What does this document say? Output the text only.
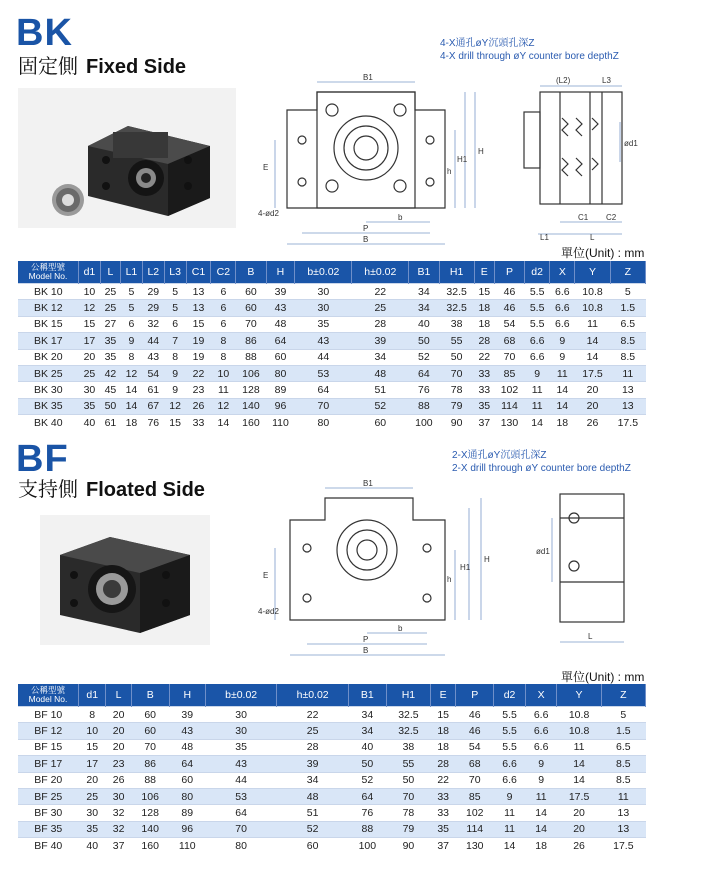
BK
固定側 Fixed Side
4-X通孔øY沉頭孔深Z
4-X drill through øY counter bore depthZ
B1
E	h
H1
H
4-ød2	b
P
B
(L2)	L3
ød1
C1 C2
L1	L
單位(Unit) : mm
公稱型號
Model No.	d1	L	L1	L2	L3	C1	C2	B	H	b±0.02	h±0.02	B1	H1	E	P	d2	X	Y	Z
BK 10	10	25	5	29	5	13	6	60	39	30	22	34	32.5	15	46	5.5	6.6	10.8	5
BK 12	12	25	5	29	5	13	6	60	43	30	25	34	32.5	18	46	5.5	6.6	10.8	1.5
BK 15	15	27	6	32	6	15	6	70	48	35	28	40	38	18	54	5.5	6.6	11	6.5
BK 17	17	35	9	44	7	19	8	86	64	43	39	50	55	28	68	6.6	9	14	8.5
BK 20	20	35	8	43	8	19	8	88	60	44	34	52	50	22	70	6.6	9	14	8.5
BK 25	25	42	12	54	9	22	10	106	80	53	48	64	70	33	85	9	11	17.5	11
BK 30	30	45	14	61	9	23	11	128	89	64	51	76	78	33	102	11	14	20	13
BK 35	35	50	14	67	12	26	12	140	96	70	52	88	79	35	114	11	14	20	13
BK 40	40	61	18	76	15	33	14	160	110	80	60	100	90	37	130	14	18	26	17.5
BF
支持側 Floated Side
2-X通孔øY沉頭孔深Z
2-X drill through øY counter bore depthZ
B1
E	h
H1
H
4-ød2
b
P
B
ød1
L
單位(Unit) : mm
公稱型號
Model No.	d1	L	B	H	b±0.02	h±0.02	B1	H1	E	P	d2	X	Y	Z
BF 10	8	20	60	39	30	22	34	32.5	15	46	5.5	6.6	10.8	5
BF 12	10	20	60	43	30	25	34	32.5	18	46	5.5	6.6	10.8	1.5
BF 15	15	20	70	48	35	28	40	38	18	54	5.5	6.6	11	6.5
BF 17	17	23	86	64	43	39	50	55	28	68	6.6	9	14	8.5
BF 20	20	26	88	60	44	34	52	50	22	70	6.6	9	14	8.5
BF 25	25	30	106	80	53	48	64	70	33	85	9	11	17.5	11
BF 30	30	32	128	89	64	51	76	78	33	102	11	14	20	13
BF 35	35	32	140	96	70	52	88	79	35	114	11	14	20	13
BF 40	40	37	160	110	80	60	100	90	37	130	14	18	26	17.5
